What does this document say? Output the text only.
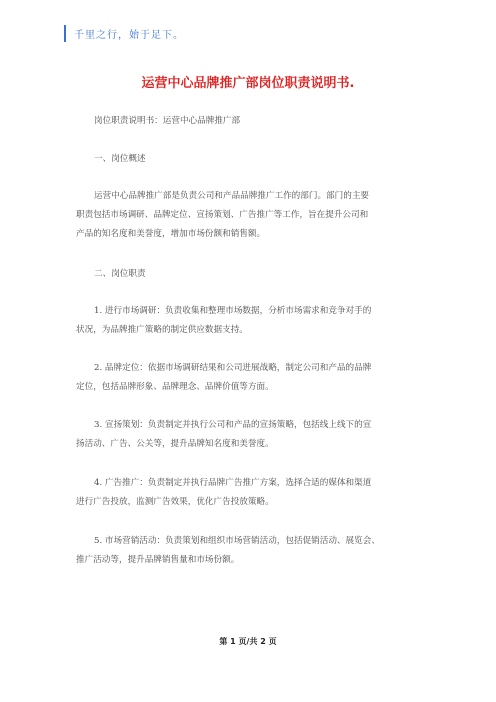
千里之行，始于足下。
运营中心品牌推广部岗位职责说明书.
岗位职责说明书：运营中心品牌推广部
一、岗位概述
运营中心品牌推广部是负责公司和产品品牌推广工作的部门。部门的主要
职责包括市场调研、品牌定位、宣扬策划、广告推广等工作，旨在提升公司和
产品的知名度和美誉度，增加市场份额和销售额。
二、岗位职责
1. 进行市场调研：负责收集和整理市场数据，分析市场需求和竞争对手的
状况，为品牌推广策略的制定供应数据支持。
2. 品牌定位：依据市场调研结果和公司进展战略，制定公司和产品的品牌
定位，包括品牌形象、品牌理念、品牌价值等方面。
3. 宣扬策划：负责制定并执行公司和产品的宣扬策略，包括线上线下的宣
扬活动、广告、公关等，提升品牌知名度和美誉度。
4. 广告推广：负责制定并执行品牌广告推广方案，选择合适的媒体和渠道
进行广告投放，监测广告效果，优化广告投放策略。
5. 市场营销活动：负责策划和组织市场营销活动，包括促销活动、展览会、
推广活动等，提升品牌销售量和市场份额。
第 1 页/共 2 页
